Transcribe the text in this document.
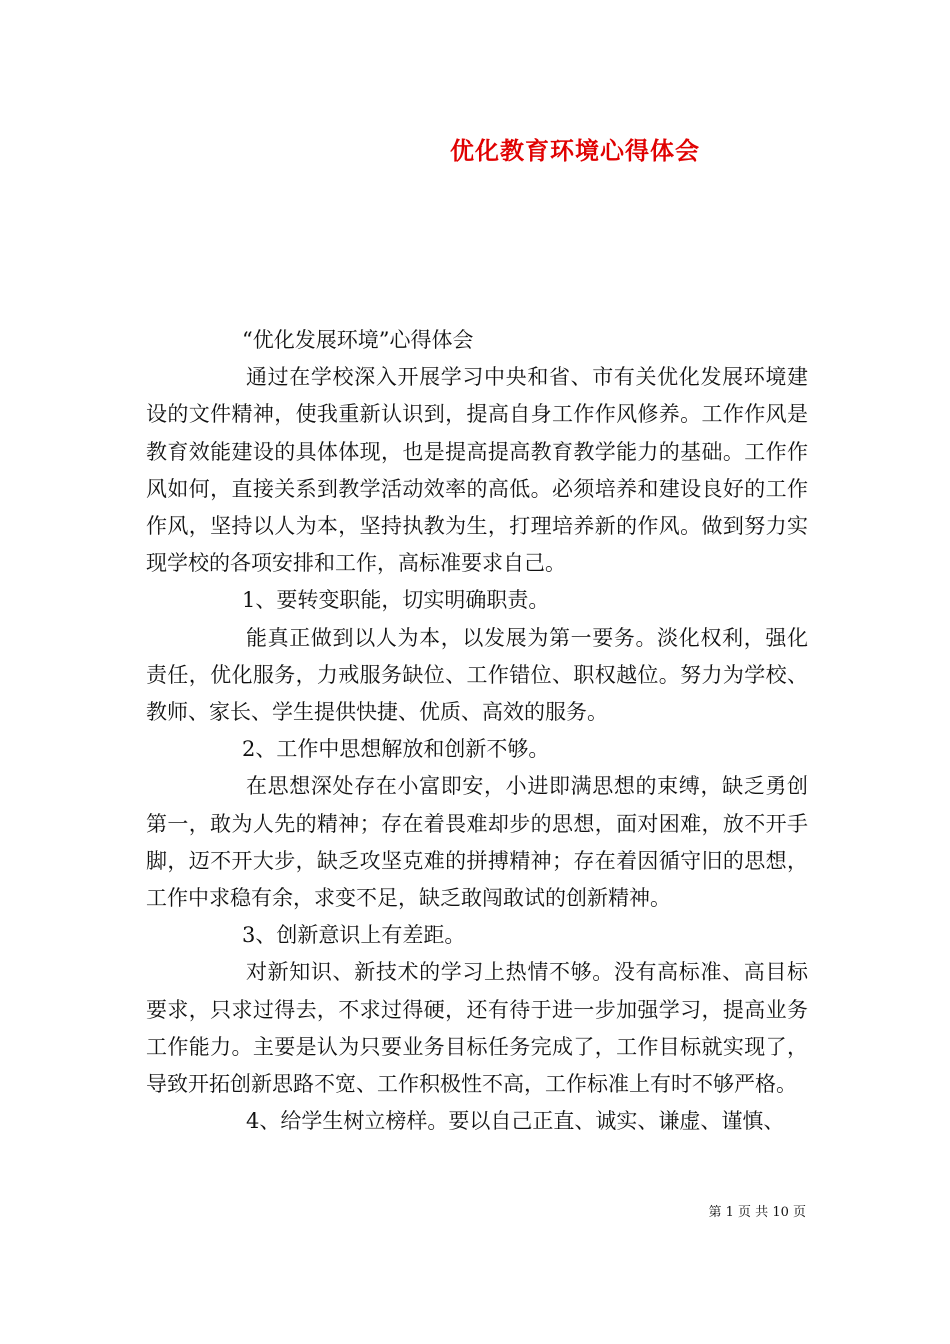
优化教育环境心得体会

“优化发展环境”心得体会

通过在学校深入开展学习中央和省、市有关优化发展环境建设的文件精神，使我重新认识到，提高自身工作作风修养。工作作风是教育效能建设的具体体现，也是提高提高教育教学能力的基础。工作作风如何，直接关系到教学活动效率的高低。必须培养和建设良好的工作作风，坚持以人为本，坚持执教为生，打理培养新的作风。做到努力实现学校的各项安排和工作，高标准要求自己。

1、要转变职能，切实明确职责。

能真正做到以人为本，以发展为第一要务。淡化权利，强化责任，优化服务，力戒服务缺位、工作错位、职权越位。努力为学校、教师、家长、学生提供快捷、优质、高效的服务。

2、工作中思想解放和创新不够。

在思想深处存在小富即安，小进即满思想的束缚，缺乏勇创第一，敢为人先的精神；存在着畏难却步的思想，面对困难，放不开手脚，迈不开大步，缺乏攻坚克难的拼搏精神；存在着因循守旧的思想，工作中求稳有余，求变不足，缺乏敢闯敢试的创新精神。

3、创新意识上有差距。

对新知识、新技术的学习上热情不够。没有高标准、高目标要求，只求过得去，不求过得硬，还有待于进一步加强学习，提高业务工作能力。主要是认为只要业务目标任务完成了，工作目标就实现了，导致开拓创新思路不宽、工作积极性不高，工作标准上有时不够严格。

4、给学生树立榜样。要以自己正直、诚实、谦虚、谨慎、

第 1 页 共 10 页
